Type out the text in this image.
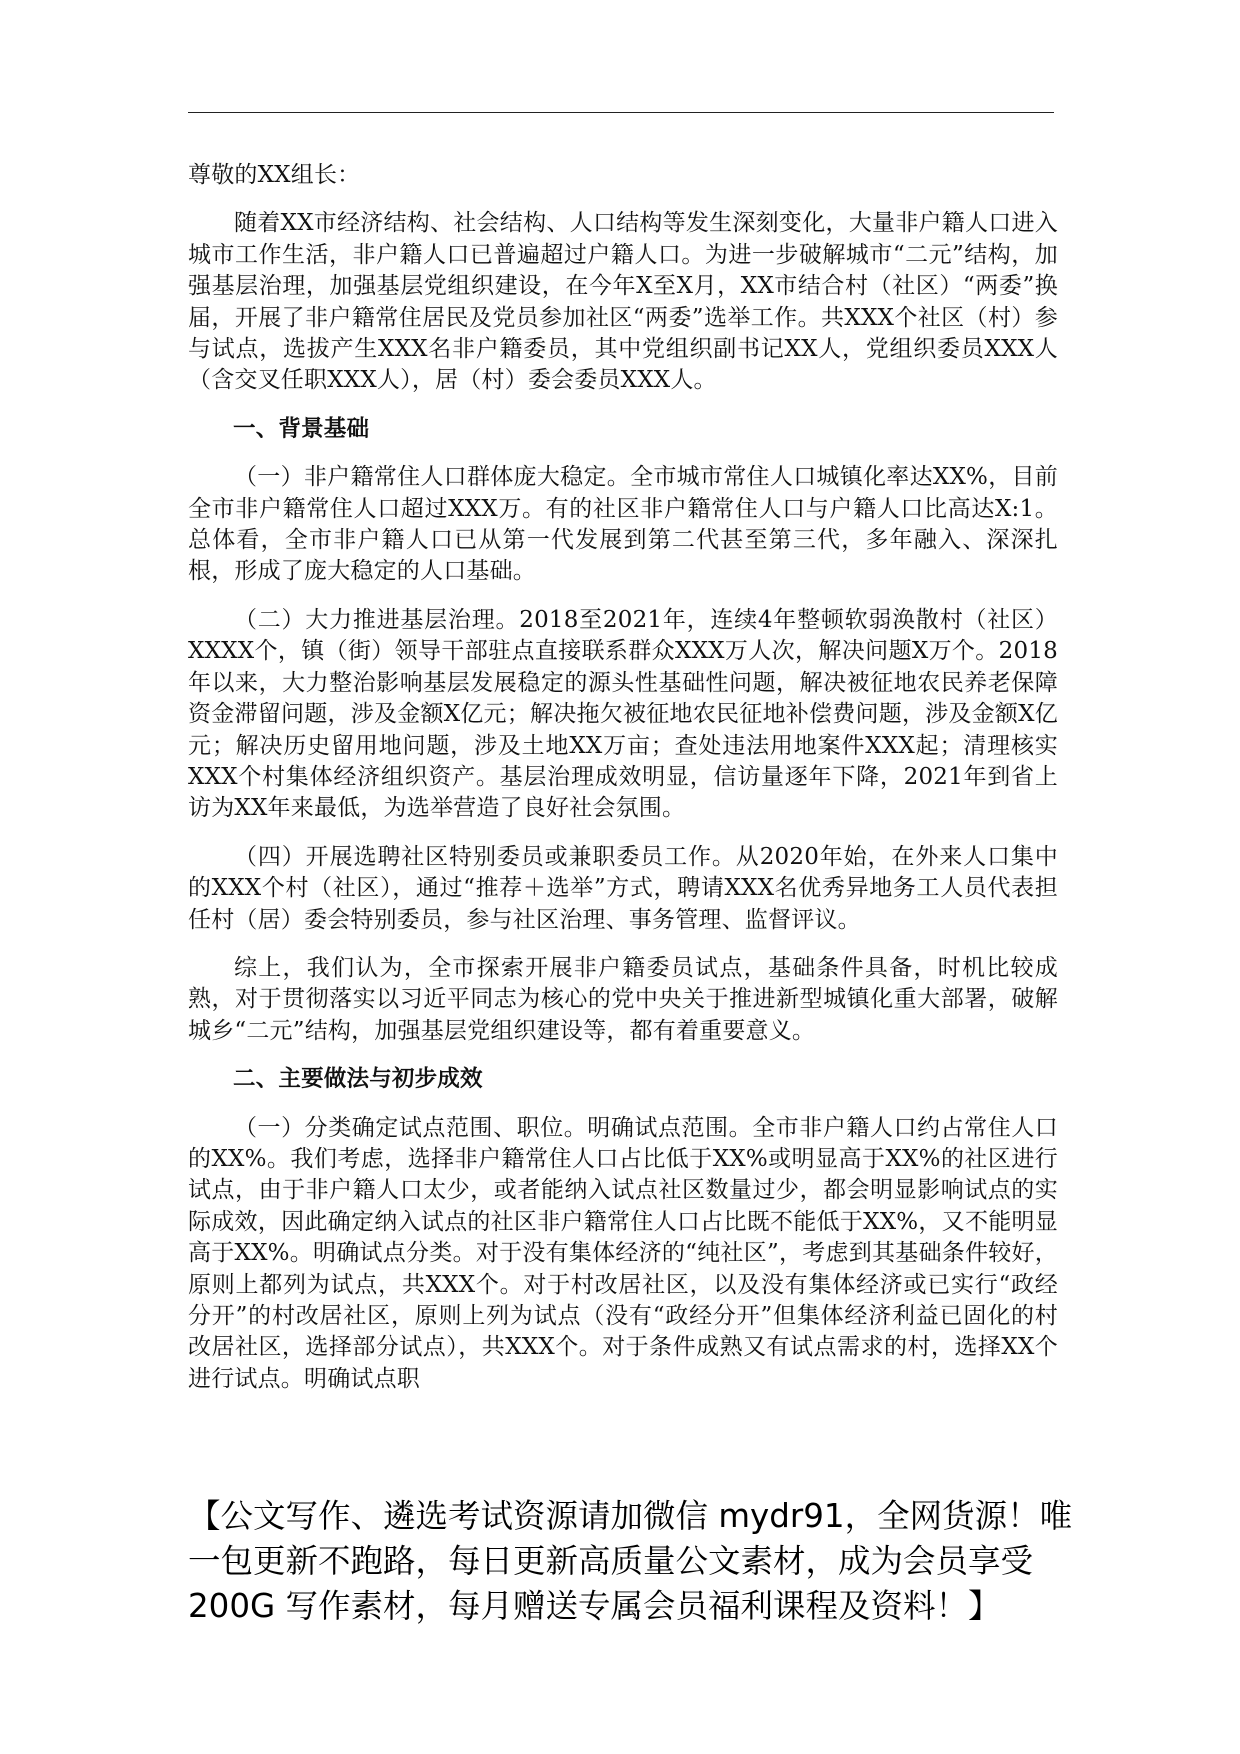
尊敬的XX组长：

随着XX市经济结构、社会结构、人口结构等发生深刻变化，大量非户籍人口进入城市工作生活，非户籍人口已普遍超过户籍人口。为进一步破解城市“二元”结构，加强基层治理，加强基层党组织建设，在今年X至X月，XX市结合村（社区）“两委”换届，开展了非户籍常住居民及党员参加社区“两委”选举工作。共XXX个社区（村）参与试点，选拔产生XXX名非户籍委员，其中党组织副书记XX人，党组织委员XXX人（含交叉任职XXX人），居（村）委会委员XXX人。

一、背景基础

（一）非户籍常住人口群体庞大稳定。全市城市常住人口城镇化率达XX%，目前全市非户籍常住人口超过XXX万。有的社区非户籍常住人口与户籍人口比高达X:1。总体看，全市非户籍人口已从第一代发展到第二代甚至第三代，多年融入、深深扎根，形成了庞大稳定的人口基础。

（二）大力推进基层治理。2018至2021年，连续4年整顿软弱涣散村（社区）XXXX个，镇（街）领导干部驻点直接联系群众XXX万人次，解决问题X万个。2018年以来，大力整治影响基层发展稳定的源头性基础性问题，解决被征地农民养老保障资金滞留问题，涉及金额X亿元；解决拖欠被征地农民征地补偿费问题，涉及金额X亿元；解决历史留用地问题，涉及土地XX万亩；查处违法用地案件XXX起；清理核实XXX个村集体经济组织资产。基层治理成效明显，信访量逐年下降，2021年到省上访为XX年来最低，为选举营造了良好社会氛围。

（四）开展选聘社区特别委员或兼职委员工作。从2020年始，在外来人口集中的XXX个村（社区），通过“推荐＋选举”方式，聘请XXX名优秀异地务工人员代表担任村（居）委会特别委员，参与社区治理、事务管理、监督评议。

综上，我们认为，全市探索开展非户籍委员试点，基础条件具备，时机比较成熟，对于贯彻落实以习近平同志为核心的党中央关于推进新型城镇化重大部署，破解城乡“二元”结构，加强基层党组织建设等，都有着重要意义。

二、主要做法与初步成效

（一）分类确定试点范围、职位。明确试点范围。全市非户籍人口约占常住人口的XX%。我们考虑，选择非户籍常住人口占比低于XX%或明显高于XX%的社区进行试点，由于非户籍人口太少，或者能纳入试点社区数量过少，都会明显影响试点的实际成效，因此确定纳入试点的社区非户籍常住人口占比既不能低于XX%，又不能明显高于XX%。明确试点分类。对于没有集体经济的“纯社区”，考虑到其基础条件较好，原则上都列为试点，共XXX个。对于村改居社区，以及没有集体经济或已实行“政经分开”的村改居社区，原则上列为试点（没有“政经分开”但集体经济利益已固化的村改居社区，选择部分试点），共XXX个。对于条件成熟又有试点需求的村，选择XX个进行试点。明确试点职

【公文写作、遴选考试资源请加微信 mydr91，全网货源！唯一包更新不跑路，每日更新高质量公文素材，成为会员享受 200G 写作素材，每月赠送专属会员福利课程及资料！】
